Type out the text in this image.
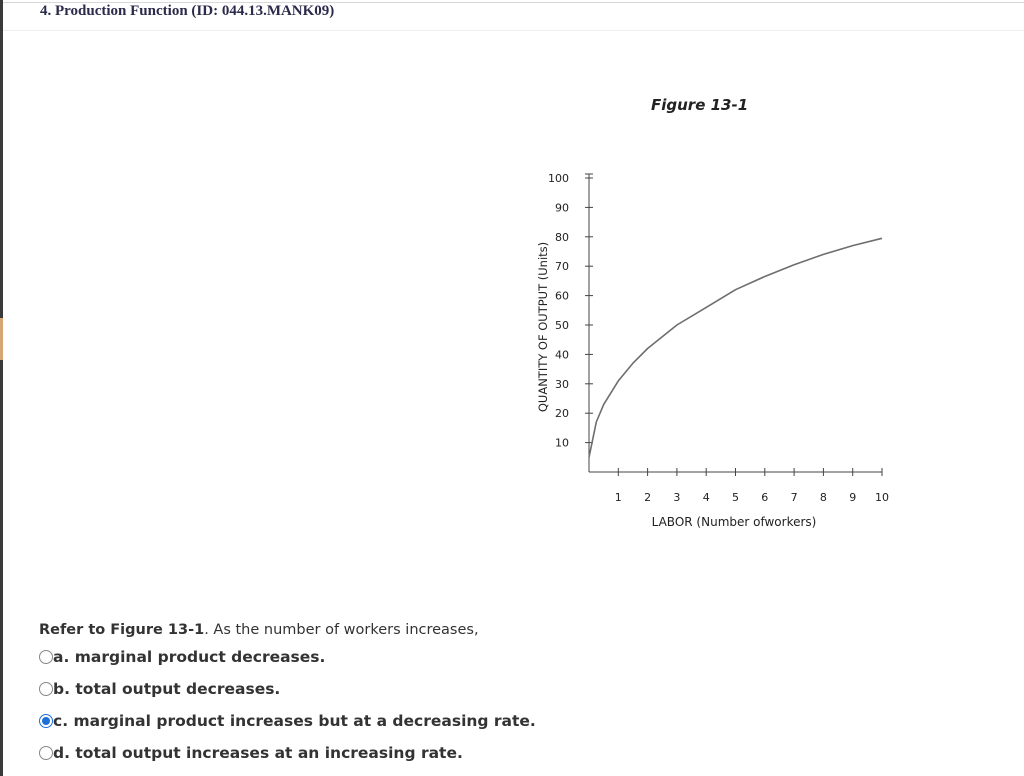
4. Production Function (ID: 044.13.MANK09)
Figure 13-1
10
20
30
40
50
60
70
80
90
100
1 2 3 4 5 6 7 8 9 10
LABOR (Number ofworkers)
QUANTITY OF OUTPUT (Units)
Refer to Figure 13-1. As the number of workers increases,
a.
marginal product decreases.
b.
total output decreases.
c.
marginal product increases but at a decreasing rate.
d.
total output increases at an increasing rate.
